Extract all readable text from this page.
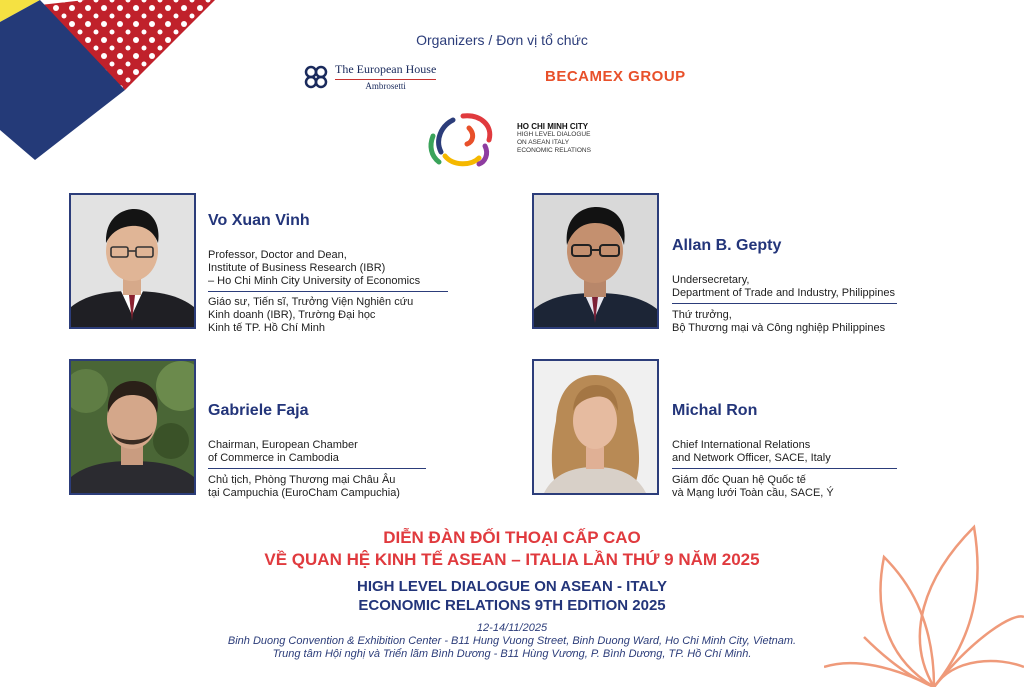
Organizers / Đơn vị tổ chức
The European House
Ambrosetti
BECAMEX GROUP
HO CHI MINH CITY
HIGH LEVEL DIALOGUE
ON ASEAN ITALY
ECONOMIC RELATIONS
Vo Xuan Vinh
Professor, Doctor and Dean,
Institute of Business Research (IBR)
– Ho Chi Minh City University of Economics
Giáo sư, Tiến sĩ, Trưởng Viện Nghiên cứu
Kinh doanh (IBR), Trường Đại học
Kinh tế TP. Hồ Chí Minh
Allan B. Gepty
Undersecretary,
Department of Trade and Industry, Philippines
Thứ trưởng,
Bộ Thương mại và Công nghiệp Philippines
Gabriele Faja
Chairman, European Chamber
of Commerce in Cambodia
Chủ tịch, Phòng Thương mại Châu Âu
tại Campuchia (EuroCham Campuchia)
Michal Ron
Chief International Relations
and Network Officer, SACE, Italy
Giám đốc Quan hệ Quốc tế
và Mạng lưới Toàn cầu, SACE, Ý
DIỄN ĐÀN ĐỐI THOẠI CẤP CAO
VỀ QUAN HỆ KINH TẾ ASEAN – ITALIA LẦN THỨ 9 NĂM 2025
HIGH LEVEL DIALOGUE ON ASEAN - ITALY
ECONOMIC RELATIONS 9TH EDITION 2025
12-14/11/2025
Binh Duong Convention & Exhibition Center - B11 Hung Vuong Street, Binh Duong Ward, Ho Chi Minh City, Vietnam.
Trung tâm Hội nghị và Triển lãm Bình Dương - B11 Hùng Vương, P. Bình Dương, TP. Hồ Chí Minh.
